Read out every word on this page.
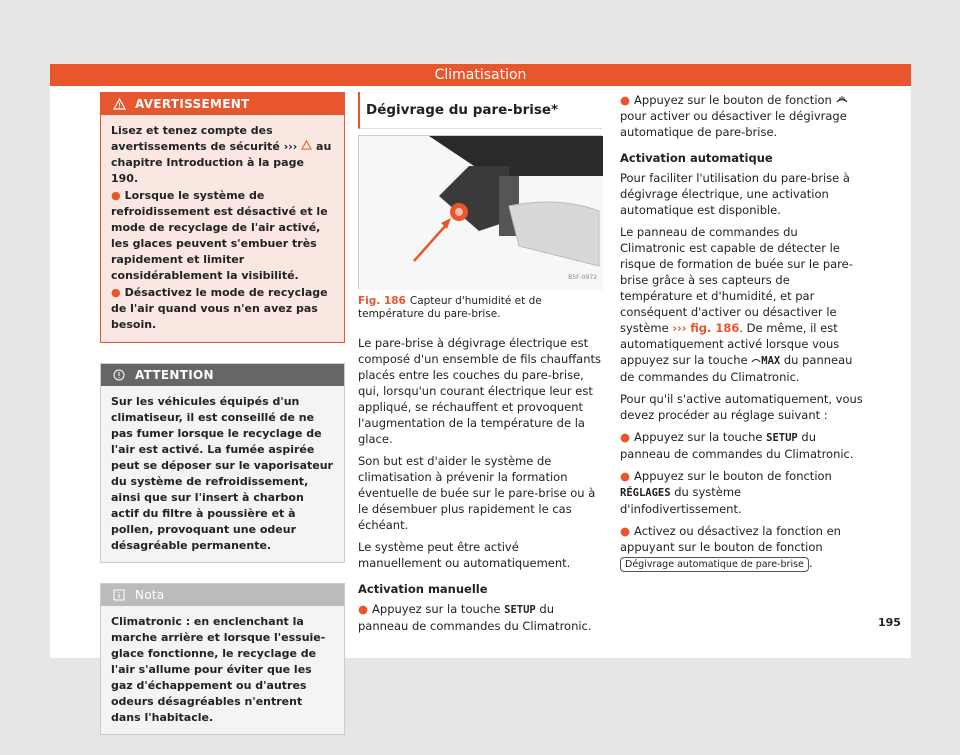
Climatisation
AVERTISSEMENT

Lisez et tenez compte des avertissements de sécurité ››› au chapitre Introduction à la page 190.

● Lorsque le système de refroidissement est désactivé et le mode de recyclage de l'air activé, les glaces peuvent s'embuer très rapidement et limiter considérablement la visibilité.

● Désactivez le mode de recyclage de l'air quand vous n'en avez pas besoin.

ATTENTION
Sur les véhicules équipés d'un climatiseur, il est conseillé de ne pas fumer lorsque le recyclage de l'air est activé. La fumée aspirée peut se déposer sur le vaporisateur du système de refroidissement, ainsi que sur l'insert à charbon actif du filtre à poussière et à pollen, provoquant une odeur désagréable permanente.
Nota
Climatronic : en enclenchant la marche arrière et lorsque l'essuie-glace fonctionne, le recyclage de l'air s'allume pour éviter que les gaz d'échappement ou d'autres odeurs désagréables n'entrent dans l'habitacle.
Dégivrage du pare-brise*
B5F-0972

Fig. 186 Capteur d'humidité et de température du pare-brise.

Le pare-brise à dégivrage électrique est composé d'un ensemble de fils chauffants placés entre les couches du pare-brise, qui, lorsqu'un courant électrique leur est appliqué, se réchauffent et provoquent l'augmentation de la température de la glace.

Son but est d'aider le système de climatisation à prévenir la formation éventuelle de buée sur le pare-brise ou à le désembuer plus rapidement le cas échéant.

Le système peut être activé manuellement ou automatiquement.

Activation manuelle

● Appuyez sur la touche SETUP du panneau de commandes du Climatronic.

● Appuyez sur le bouton de fonction  pour activer ou désactiver le dégivrage automatique de pare-brise.

Activation automatique

Pour faciliter l'utilisation du pare-brise à dégivrage électrique, une activation automatique est disponible.

Le panneau de commandes du Climatronic est capable de détecter le risque de formation de buée sur le pare-brise grâce à ses capteurs de température et d'humidité, et par conséquent d'activer ou désactiver le système ››› fig. 186. De même, il est automatiquement activé lorsque vous appuyez sur la touche MAX du panneau de commandes du Climatronic.

Pour qu'il s'active automatiquement, vous devez procéder au réglage suivant :

● Appuyez sur la touche SETUP du panneau de commandes du Climatronic.

● Appuyez sur le bouton de fonction RÉGLAGES du système d'infodivertissement.

● Activez ou désactivez la fonction en appuyant sur le bouton de fonction Dégivrage automatique de pare-brise .

195
